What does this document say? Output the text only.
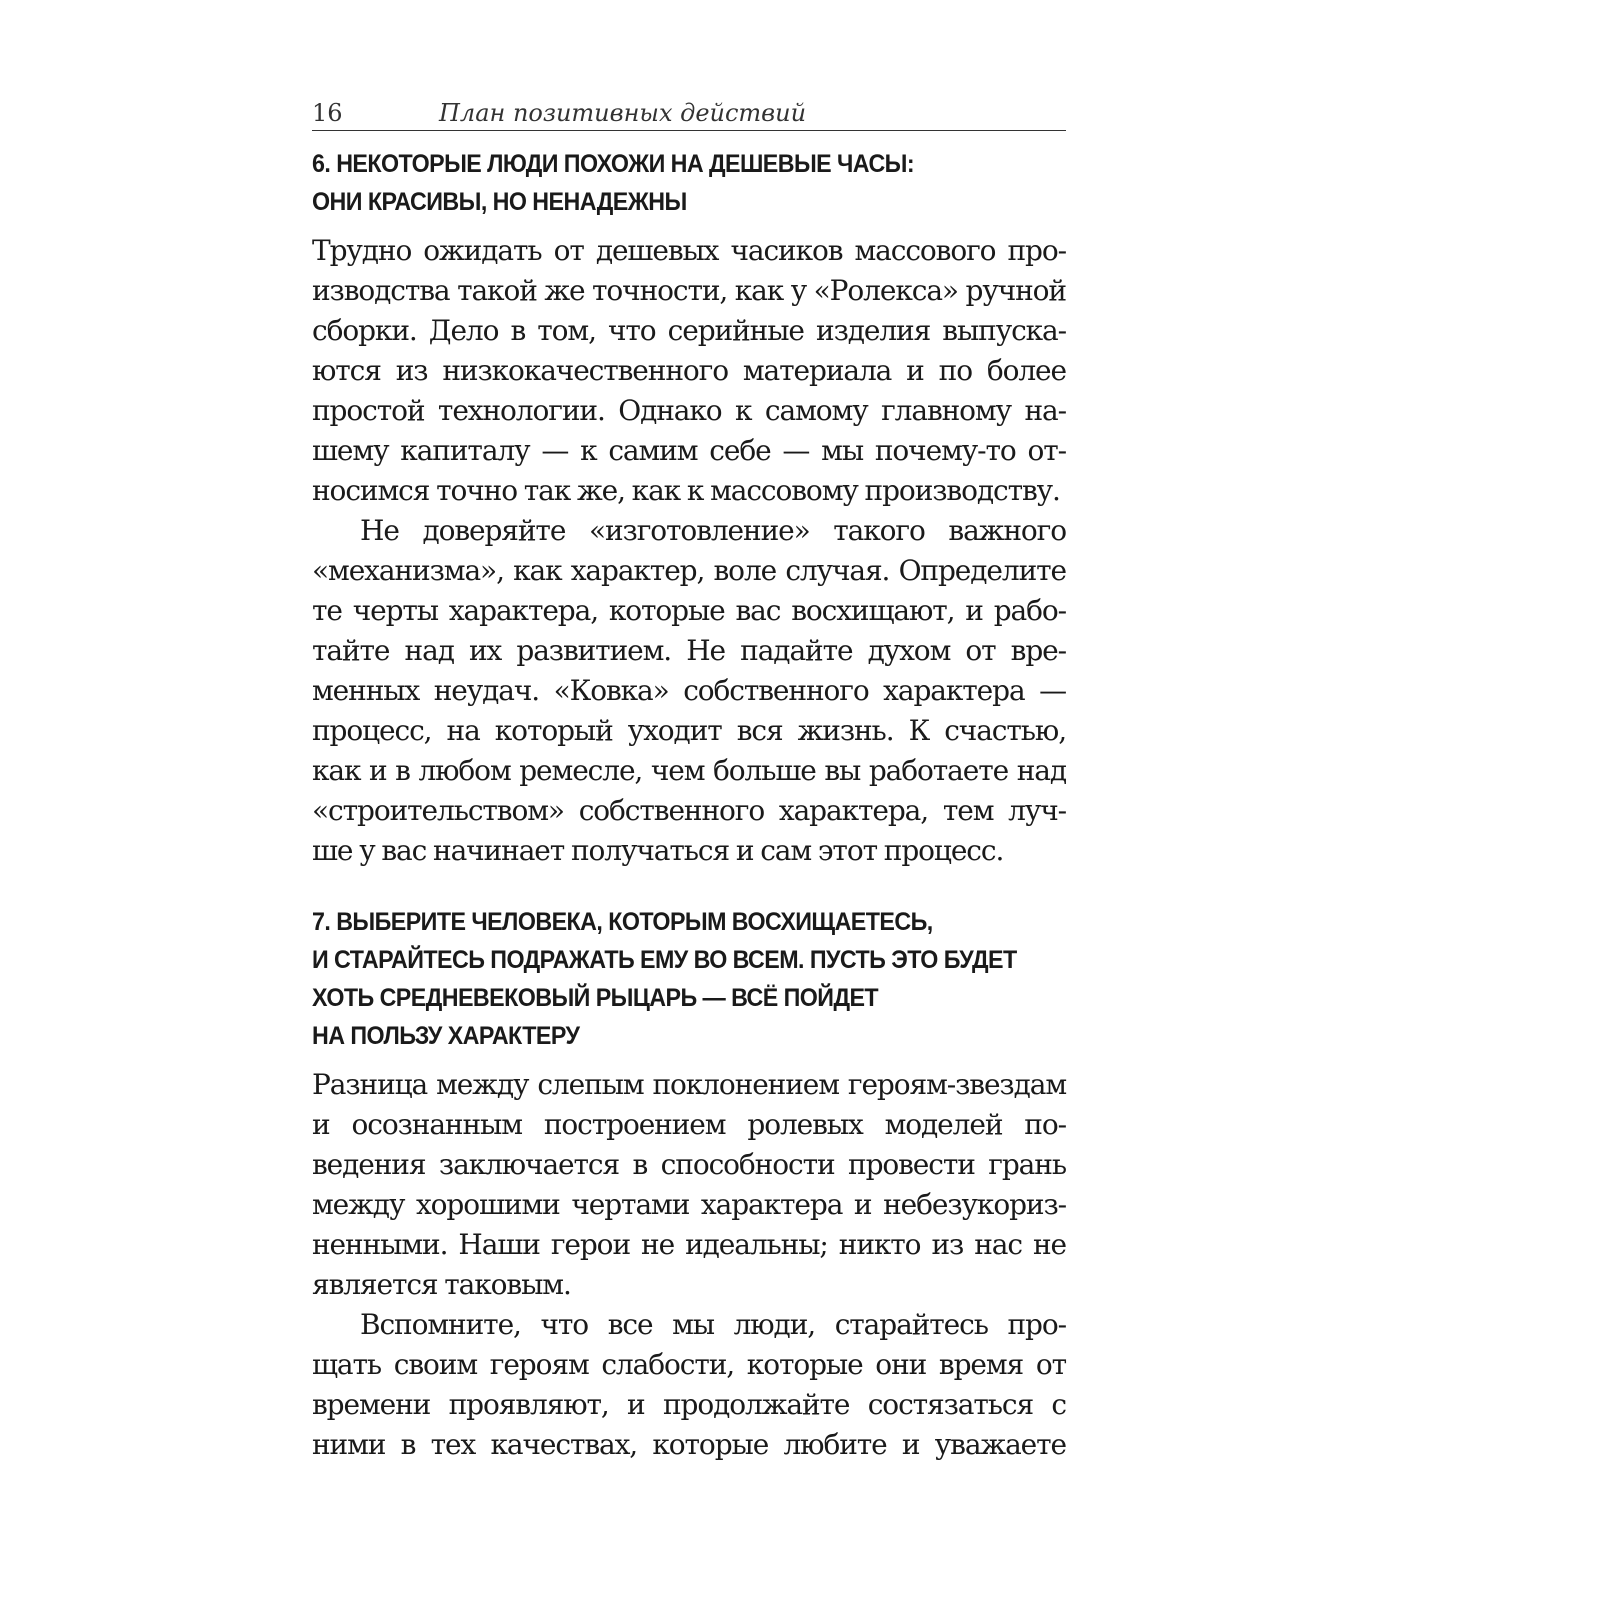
16	План позитивных действий
6. НЕКОТОРЫЕ ЛЮДИ ПОХОЖИ НА ДЕШЕВЫЕ ЧАСЫ:
ОНИ КРАСИВЫ, НО НЕНАДЕЖНЫ

Трудно ожидать от дешевых часиков массового про-
изводства такой же точности, как у «Ролекса» ручной
сборки. Дело в том, что серийные изделия выпуска-
ются из низкокачественного материала и по более
простой технологии. Однако к самому главному на-
шему капиталу — к самим себе — мы почему-то от-
носимся точно так же, как к массовому производству.

Не доверяйте «изготовление» такого важного
«механизма», как характер, воле случая. Определите
те черты характера, которые вас восхищают, и рабо-
тайте над их развитием. Не падайте духом от вре-
менных неудач. «Ковка» собственного характера —
процесс, на который уходит вся жизнь. К счастью,
как и в любом ремесле, чем больше вы работаете над
«строительством» собственного характера, тем луч-
ше у вас начинает получаться и сам этот процесс.

7. ВЫБЕРИТЕ ЧЕЛОВЕКА, КОТОРЫМ ВОСХИЩАЕТЕСЬ,
И СТАРАЙТЕСЬ ПОДРАЖАТЬ ЕМУ ВО ВСЕМ. ПУСТЬ ЭТО БУДЕТ
ХОТЬ СРЕДНЕВЕКОВЫЙ РЫЦАРЬ — ВСЁ ПОЙДЕТ
НА ПОЛЬЗУ ХАРАКТЕРУ

Разница между слепым поклонением героям-звездам
и осознанным построением ролевых моделей по-
ведения заключается в способности провести грань
между хорошими чертами характера и небезукориз-
ненными. Наши герои не идеальны; никто из нас не
является таковым.

Вспомните, что все мы люди, старайтесь про-
щать своим героям слабости, которые они время от
времени проявляют, и продолжайте состязаться с
ними в тех качествах, которые любите и уважаете
